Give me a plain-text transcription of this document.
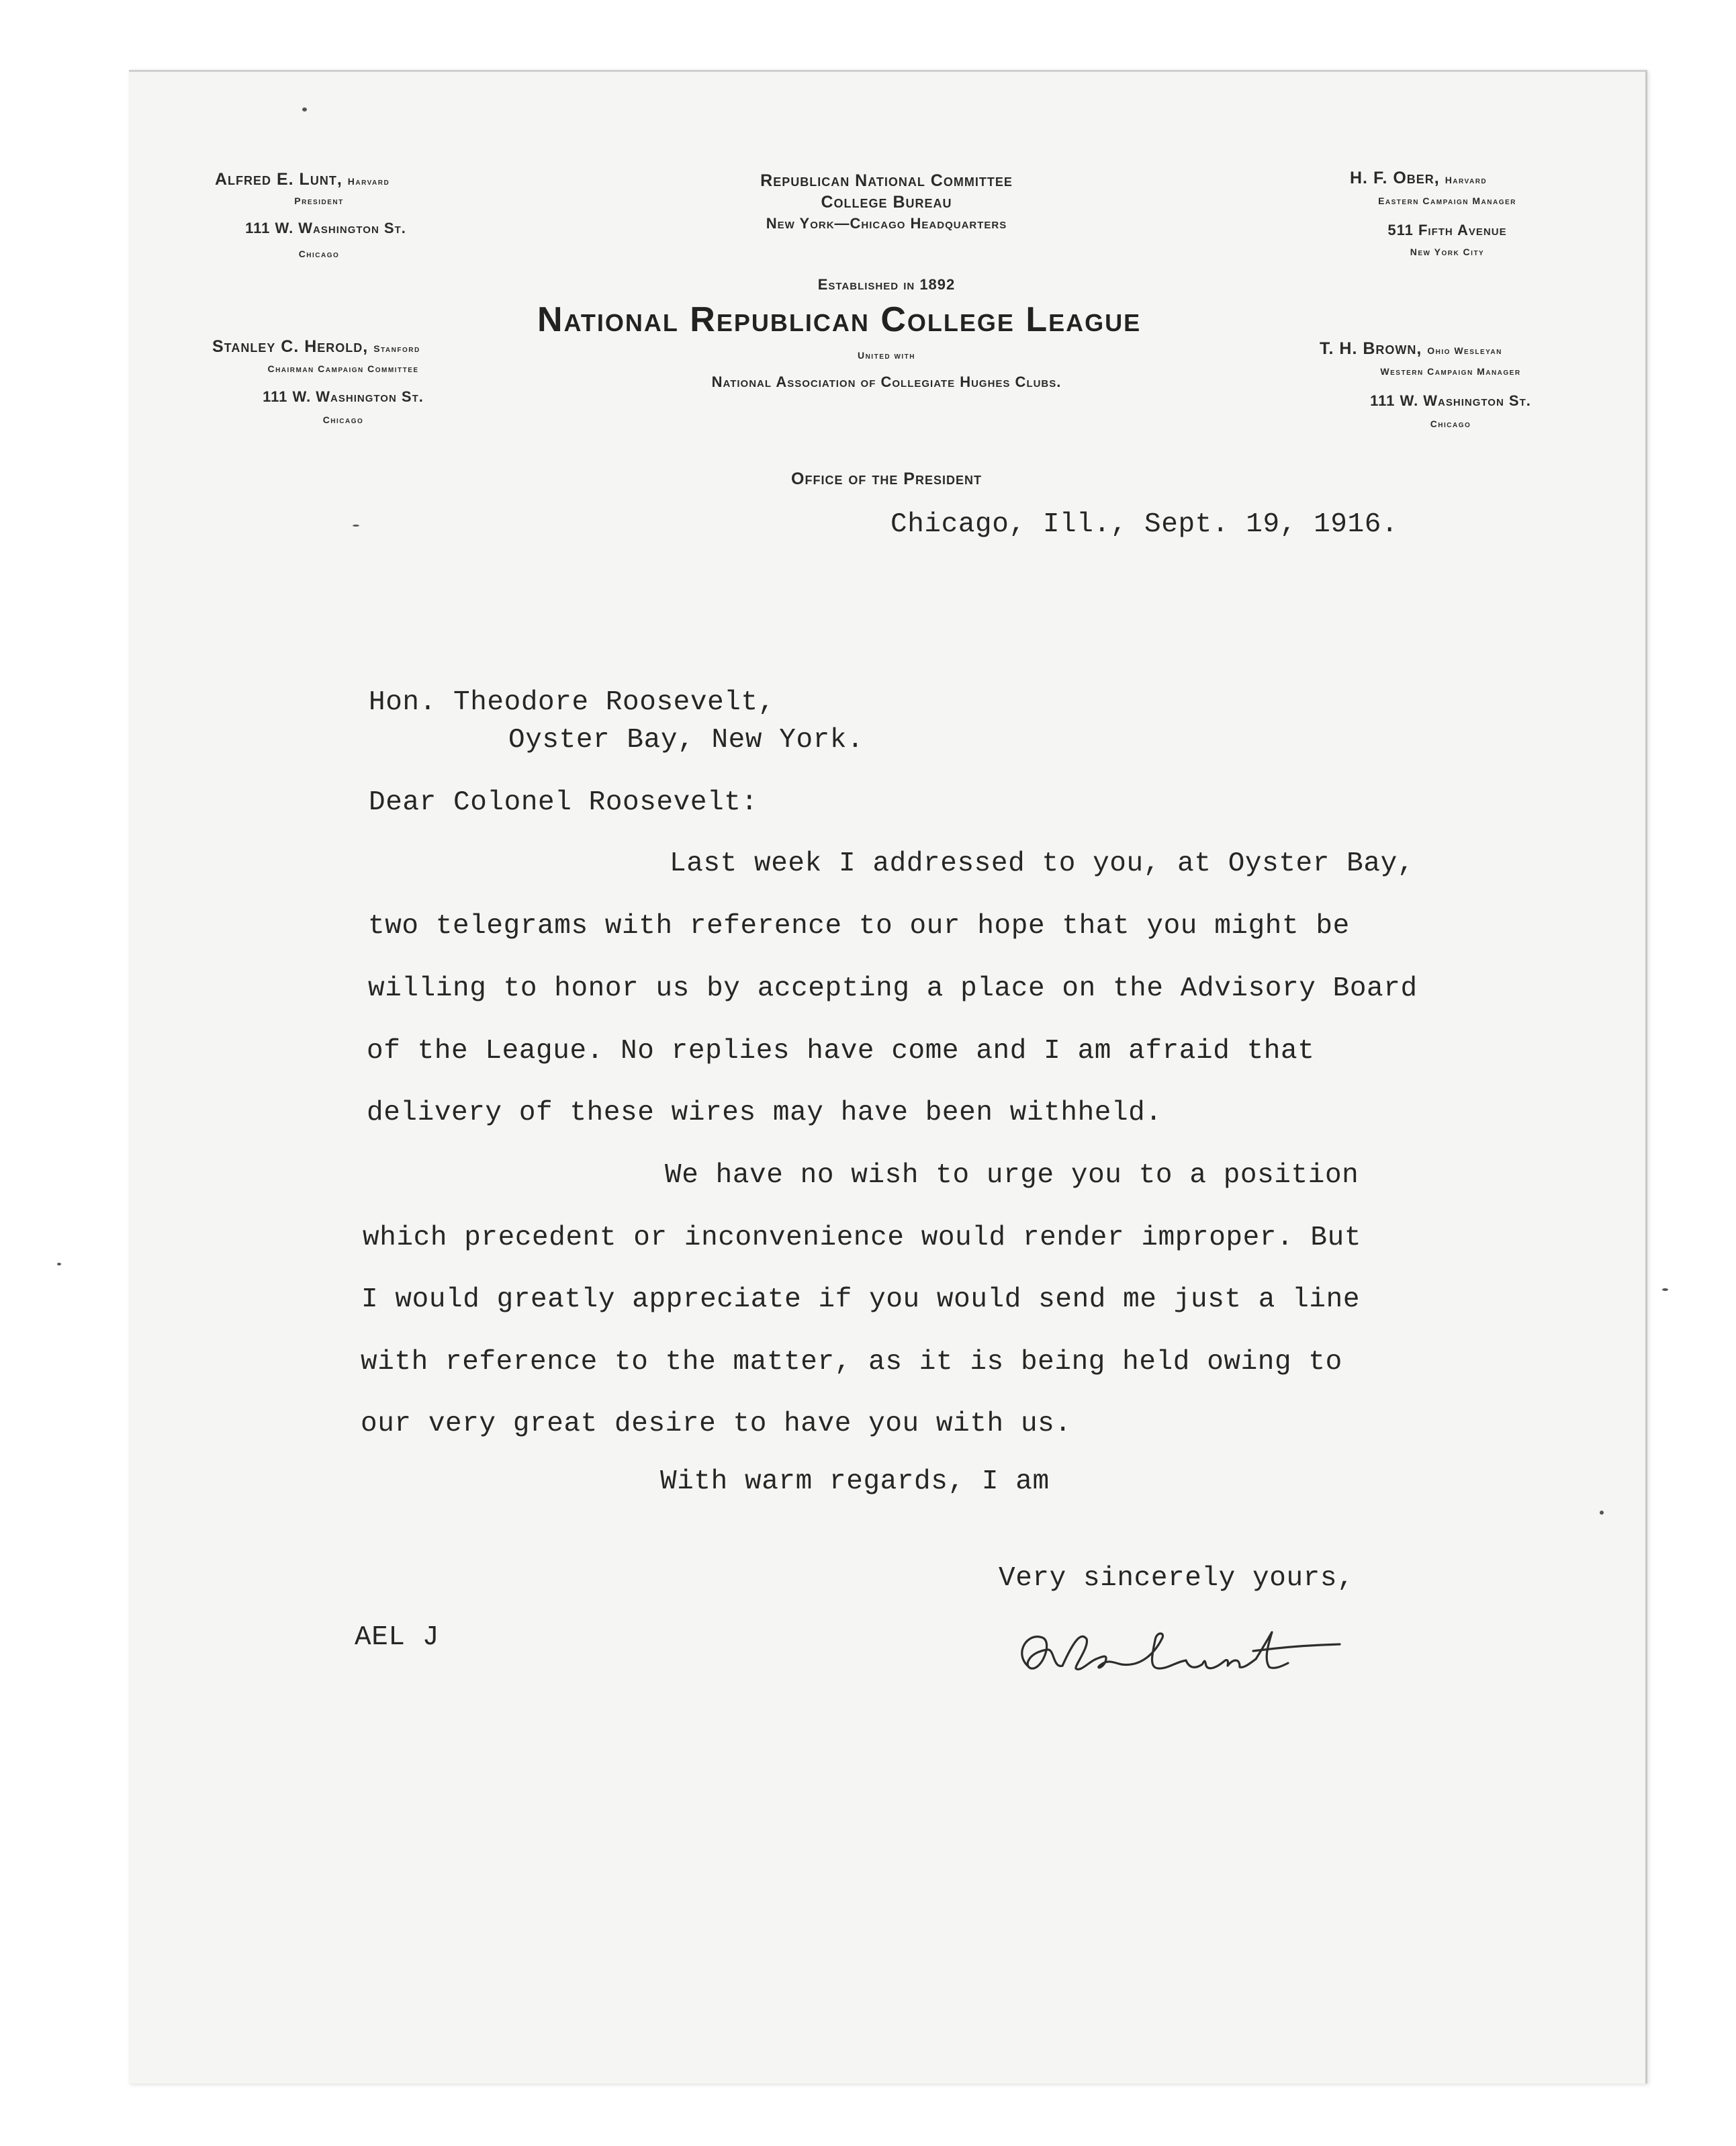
Alfred E. Lunt, Harvard
President
111 W. Washington St.
Chicago
Stanley C. Herold, Stanford
Chairman Campaign Committee
111 W. Washington St.
Chicago
Republican National Committee
College Bureau
New York—Chicago Headquarters
Established in 1892
National Republican College League
United with
National Association of Collegiate Hughes Clubs.
H. F. Ober, Harvard
Eastern Campaign Manager
511 Fifth Avenue
New York City
T. H. Brown, Ohio Wesleyan
Western Campaign Manager
111 W. Washington St.
Chicago
Office of the President
Chicago, Ill., Sept. 19, 1916.
Hon. Theodore Roosevelt,
Oyster Bay, New York.
Dear Colonel Roosevelt:
Last week I addressed to you, at Oyster Bay,
two telegrams with reference to our hope that you might be
willing to honor us by accepting a place on the Advisory Board
of the League. No replies have come and I am afraid that
delivery of these wires may have been withheld.
We have no wish to urge you to a position
which precedent or inconvenience would render improper. But
I would greatly appreciate if you would send me just a line
with reference to the matter, as it is being held owing to
our very great desire to have you with us.
With warm regards, I am
Very sincerely yours,
AEL J
